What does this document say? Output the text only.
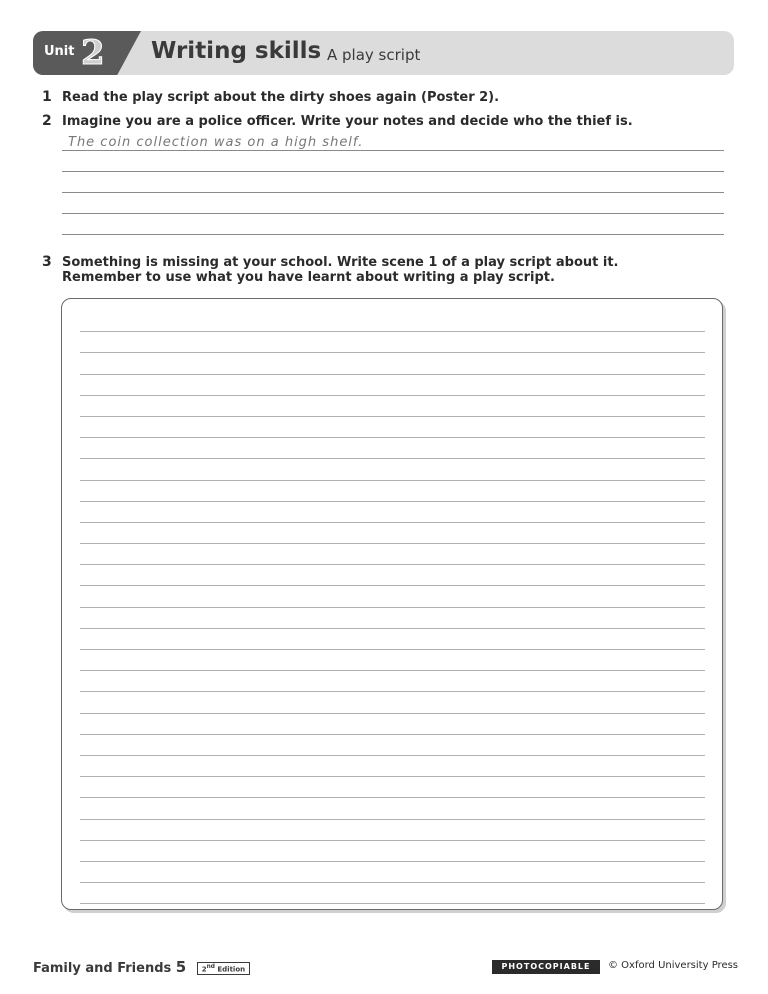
Unit 2 Writing skills A play script
1 Read the play script about the dirty shoes again (Poster 2).
2 Imagine you are a police officer. Write your notes and decide who the thief is.
The coin collection was on a high shelf.
3 Something is missing at your school. Write scene 1 of a play script about it.
Remember to use what you have learnt about writing a play script.
Family and Friends 5 2nd Edition	PHOTOCOPIABLE	© Oxford University Press
